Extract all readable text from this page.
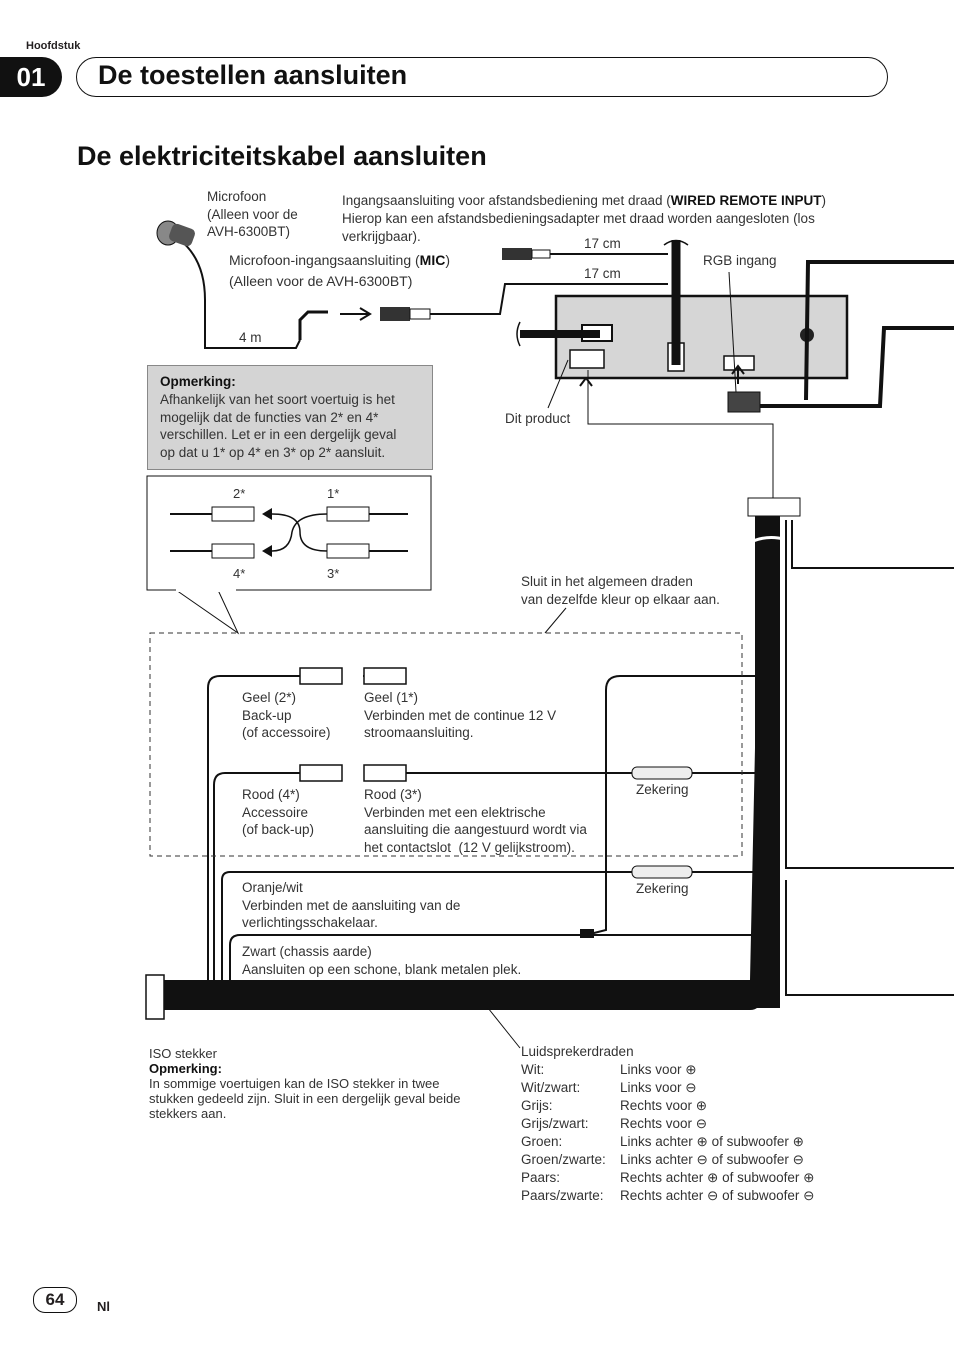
Hoofdstuk
01	De toestellen aansluiten
De elektriciteitskabel aansluiten
Microfoon
(Alleen voor de
AVH-6300BT)
Ingangsaansluiting voor afstandsbediening met draad (WIRED REMOTE INPUT)
Hierop kan een afstandsbedieningsadapter met draad worden aangesloten (los
verkrijgbaar).	17 cm
17 cm
RGB ingang
Microfoon-ingangsaansluiting (MIC)
(Alleen voor de AVH-6300BT)
4 m
Dit product
Opmerking:
Afhankelijk van het soort voertuig is het
mogelijk dat de functies van 2* en 4*
verschillen. Let er in een dergelijk geval
op dat u 1* op 4* en 3* op 2* aansluit.
2*	1*
4*	3*
Sluit in het algemeen draden
van dezelfde kleur op elkaar aan.
Geel (2*)
Back-up
(of accessoire)
Geel (1*)
Verbinden met de continue 12 V
stroomaansluiting.
Rood (4*)
Accessoire
(of back-up)
Rood (3*)
Verbinden met een elektrische
aansluiting die aangestuurd wordt via
het contactslot  (12 V gelijkstroom).
Zekering
Zekering
Oranje/wit
Verbinden met de aansluiting van de
verlichtingsschakelaar.
Zwart (chassis aarde)
Aansluiten op een schone, blank metalen plek.
ISO stekker
Opmerking:
In sommige voertuigen kan de ISO stekker in twee
stukken gedeeld zijn. Sluit in een dergelijk geval beide
stekkers aan.
Luidsprekerdraden
Wit:	Links voor ⊕
Wit/zwart:	Links voor ⊖
Grijs:	Rechts voor ⊕
Grijs/zwart:	Rechts voor ⊖
Groen:	Links achter ⊕ of subwoofer ⊕
Groen/zwarte:	Links achter ⊖ of subwoofer ⊖
Paars:	Rechts achter ⊕ of subwoofer ⊕
Paars/zwarte:	Rechts achter ⊖ of subwoofer ⊖
64	Nl
